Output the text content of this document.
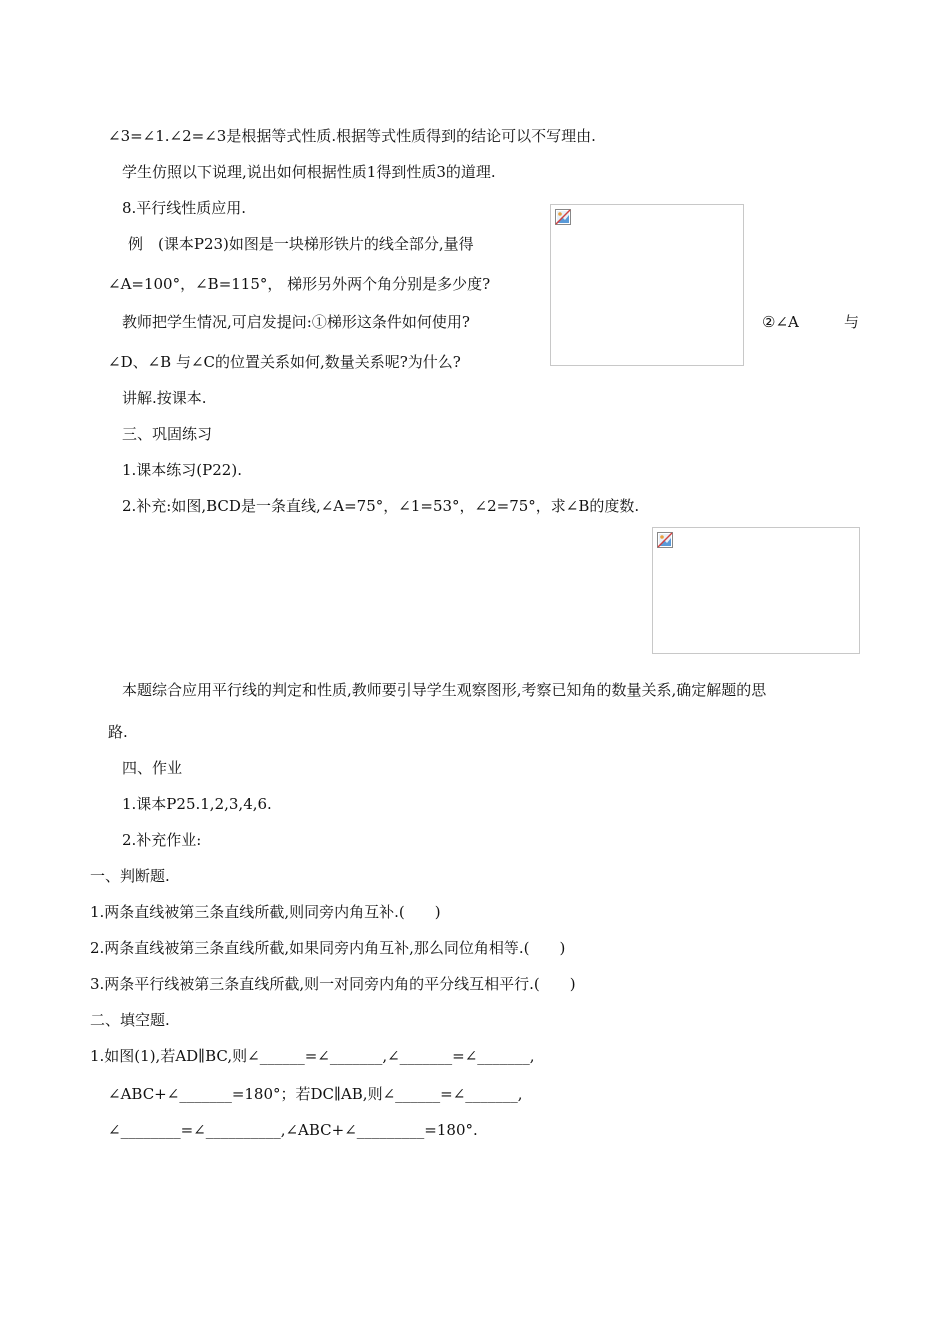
∠3=∠1.∠2=∠3是根据等式性质.根据等式性质得到的结论可以不写理由.
学生仿照以下说理,说出如何根据性质1得到性质3的道理.
8.平行线性质应用.
例　(课本P23)如图是一块梯形铁片的线全部分,量得
∠A=100°，∠B=115°， 梯形另外两个角分别是多少度?
教师把学生情况,可启发提问:①梯形这条件如何使用?	②∠A	与
∠D、∠B 与∠C的位置关系如何,数量关系呢?为什么?
讲解.按课本.
三、巩固练习
1.课本练习(P22).
2.补充:如图,BCD是一条直线,∠A=75°，∠1=53°，∠2=75°，求∠B的度数.
本题综合应用平行线的判定和性质,教师要引导学生观察图形,考察已知角的数量关系,确定解题的思
路.
四、作业
1.课本P25.1,2,3,4,6.
2.补充作业:
一、判断题.
1.两条直线被第三条直线所截,则同旁内角互补.(　　)
2.两条直线被第三条直线所截,如果同旁内角互补,那么同位角相等.(　　)
3.两条平行线被第三条直线所截,则一对同旁内角的平分线互相平行.(　　)
二、填空题.
1.如图(1),若AD∥BC,则∠______=∠_______,∠_______=∠_______,
∠ABC+∠_______=180°；若DC∥AB,则∠______=∠_______,
∠________=∠__________,∠ABC+∠_________=180°.
